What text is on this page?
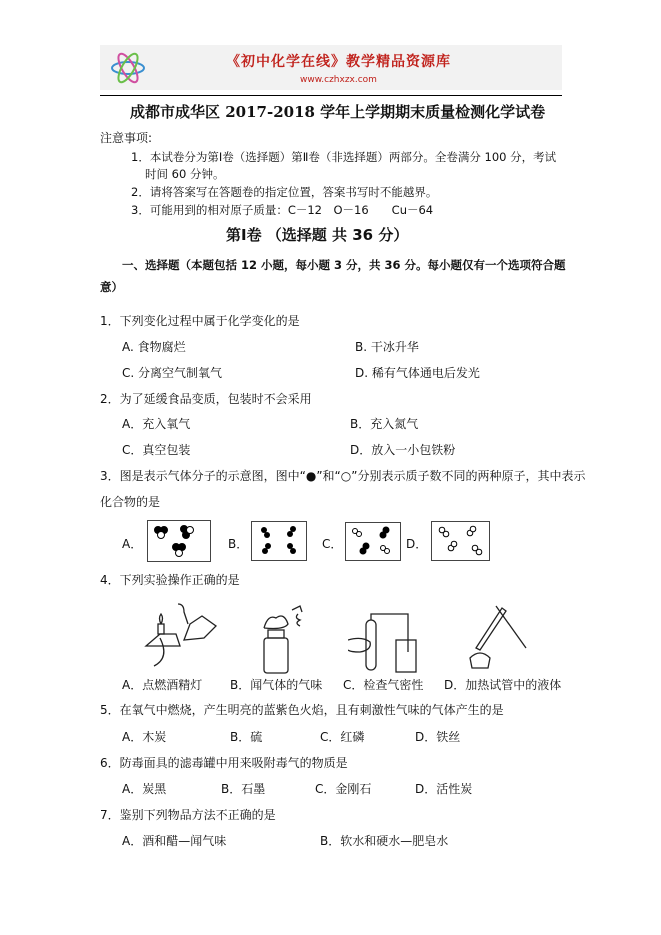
《初中化学在线》教学精品资源库
www.czhxzx.com
成都市成华区 2017-2018 学年上学期期末质量检测化学试卷
注意事项:
1．本试卷分为第Ⅰ卷（选择题）第Ⅱ卷（非选择题）两部分。全卷满分 100 分，考试
时间 60 分钟。
2．请将答案写在答题卷的指定位置，答案书写时不能越界。
3．可能用到的相对原子质量：C－12　O－16　　Cu－64
第Ⅰ卷 （选择题 共 36 分）
一、选择题（本题包括 12 小题，每小题 3 分，共 36 分。每小题仅有一个选项符合题
意）
1．下列变化过程中属于化学变化的是
A. 食物腐烂	B. 干冰升华
C. 分离空气制氧气	D. 稀有气体通电后发光
2．为了延缓食品变质，包装时不会采用
A．充入氧气	B．充入氮气
C．真空包装	D．放入一小包铁粉
3．图是表示气体分子的示意图，图中“●”和“○”分别表示质子数不同的两种原子，其中表示
化合物的是
A．	B．	C．	D．
4．下列实验操作正确的是
A．点燃酒精灯 B．闻气体的气味 C．检查气密性 D．加热试管中的液体
5．在氧气中燃烧，产生明亮的蓝紫色火焰，且有刺激性气味的气体产生的是
A．木炭	B．硫	C．红磷	D．铁丝
6．防毒面具的滤毒罐中用来吸附毒气的物质是
A．炭黑	B．石墨	C．金刚石	D．活性炭
7．鉴别下列物品方法不正确的是
A．酒和醋—闻气味	B．软水和硬水—肥皂水
